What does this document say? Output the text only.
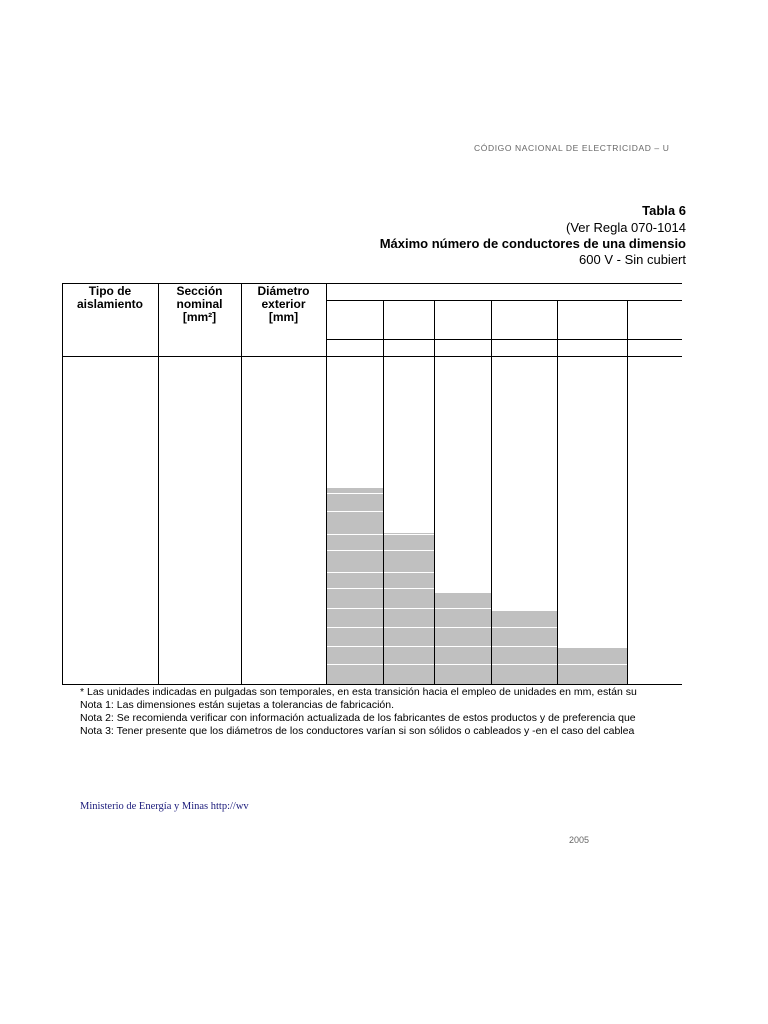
CÓDIGO NACIONAL DE ELECTRICIDAD – U
Tabla 6
(Ver Regla 070-1014
Máximo número de conductores de una dimensio
600 V - Sin cubiert
Tipo de
aislamiento
Sección
nominal
[mm²]
Diámetro
exterior
[mm]
* Las unidades indicadas en pulgadas son temporales, en esta transición hacia el empleo de unidades en mm, están su
Nota 1: Las dimensiones están sujetas a tolerancias de fabricación.
Nota 2: Se recomienda verificar con información actualizada de los fabricantes de estos productos y de preferencia que
Nota 3: Tener presente que los diámetros de los conductores varían si son sólidos o cableados y -en el caso del cablea
Ministerio de Energía y Minas http://wv
2005
